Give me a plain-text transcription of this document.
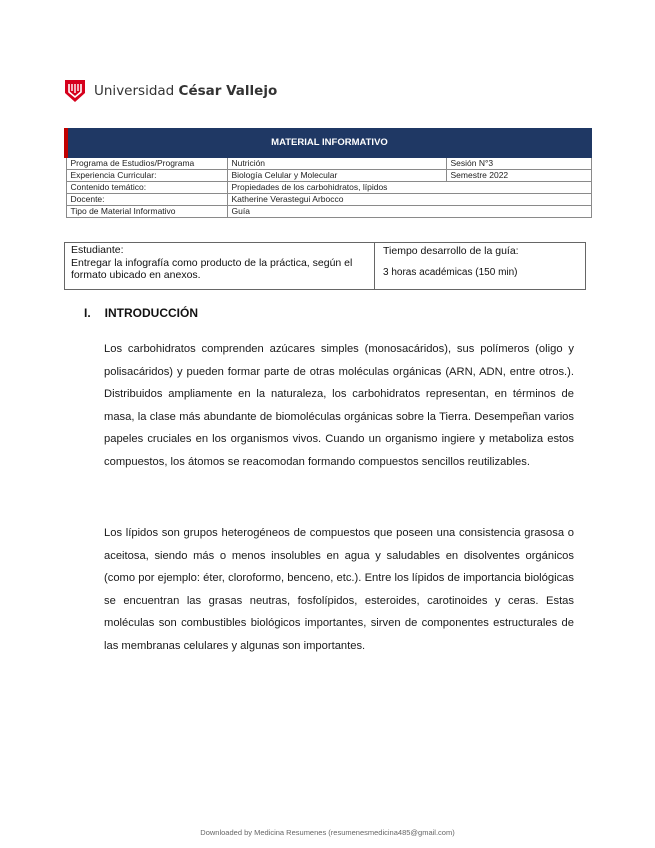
Universidad César Vallejo
MATERIAL INFORMATIVO		
Programa de Estudios/Programa	Nutrición	Sesión N°3
Experiencia Curricular:	Biología Celular y Molecular	Semestre 2022
Contenido temático:	Propiedades de los carbohidratos, lípidos	
Docente:	Katherine Verastegui Arbocco	
Tipo de Material Informativo	Guía	
Estudiante:
Entregar la infografía como producto de la práctica, según el formato ubicado en anexos.
Tiempo desarrollo de la guía:
3 horas académicas (150 min)
I. INTRODUCCIÓN

Los carbohidratos comprenden azúcares simples (monosacáridos), sus polímeros (oligo y polisacáridos) y pueden formar parte de otras moléculas orgánicas (ARN, ADN, entre otros.). Distribuidos ampliamente en la naturaleza, los carbohidratos representan, en términos de masa, la clase más abundante de biomoléculas orgánicas sobre la Tierra. Desempeñan varios papeles cruciales en los organismos vivos. Cuando un organismo ingiere y metaboliza estos compuestos, los átomos se reacomodan formando compuestos sencillos reutilizables.

Los lípidos son grupos heterogéneos de compuestos que poseen una consistencia grasosa o aceitosa, siendo más o menos insolubles en agua y saludables en disolventes orgánicos (como por ejemplo: éter, cloroformo, benceno, etc.). Entre los lípidos de importancia biológicas se encuentran las grasas neutras, fosfolípidos, esteroides, carotinoides y ceras. Estas moléculas son combustibles biológicos importantes, sirven de componentes estructurales de las membranas celulares y algunas son importantes.

Downloaded by Medicina Resumenes (resumenesmedicina485@gmail.com)
